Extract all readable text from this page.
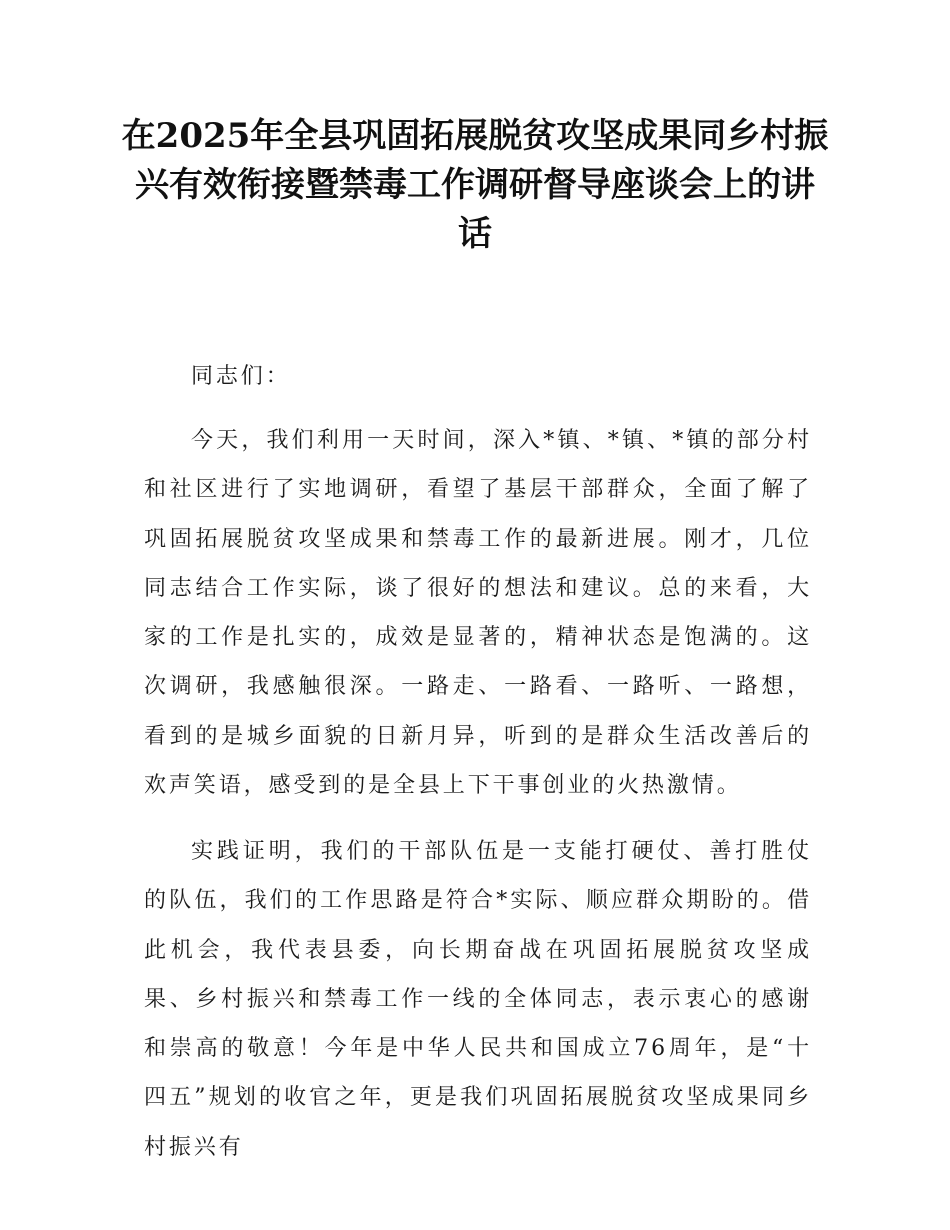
在2025年全县巩固拓展脱贫攻坚成果同乡村振兴有效衔接暨禁毒工作调研督导座谈会上的讲话

同志们：

今天，我们利用一天时间，深入*镇、*镇、*镇的部分村和社区进行了实地调研，看望了基层干部群众，全面了解了巩固拓展脱贫攻坚成果和禁毒工作的最新进展。刚才，几位同志结合工作实际，谈了很好的想法和建议。总的来看，大家的工作是扎实的，成效是显著的，精神状态是饱满的。这次调研，我感触很深。一路走、一路看、一路听、一路想，看到的是城乡面貌的日新月异，听到的是群众生活改善后的欢声笑语，感受到的是全县上下干事创业的火热激情。

实践证明，我们的干部队伍是一支能打硬仗、善打胜仗的队伍，我们的工作思路是符合*实际、顺应群众期盼的。借此机会，我代表县委，向长期奋战在巩固拓展脱贫攻坚成果、乡村振兴和禁毒工作一线的全体同志，表示衷心的感谢和崇高的敬意！今年是中华人民共和国成立76周年，是“十四五”规划的收官之年，更是我们巩固拓展脱贫攻坚成果同乡村振兴有
